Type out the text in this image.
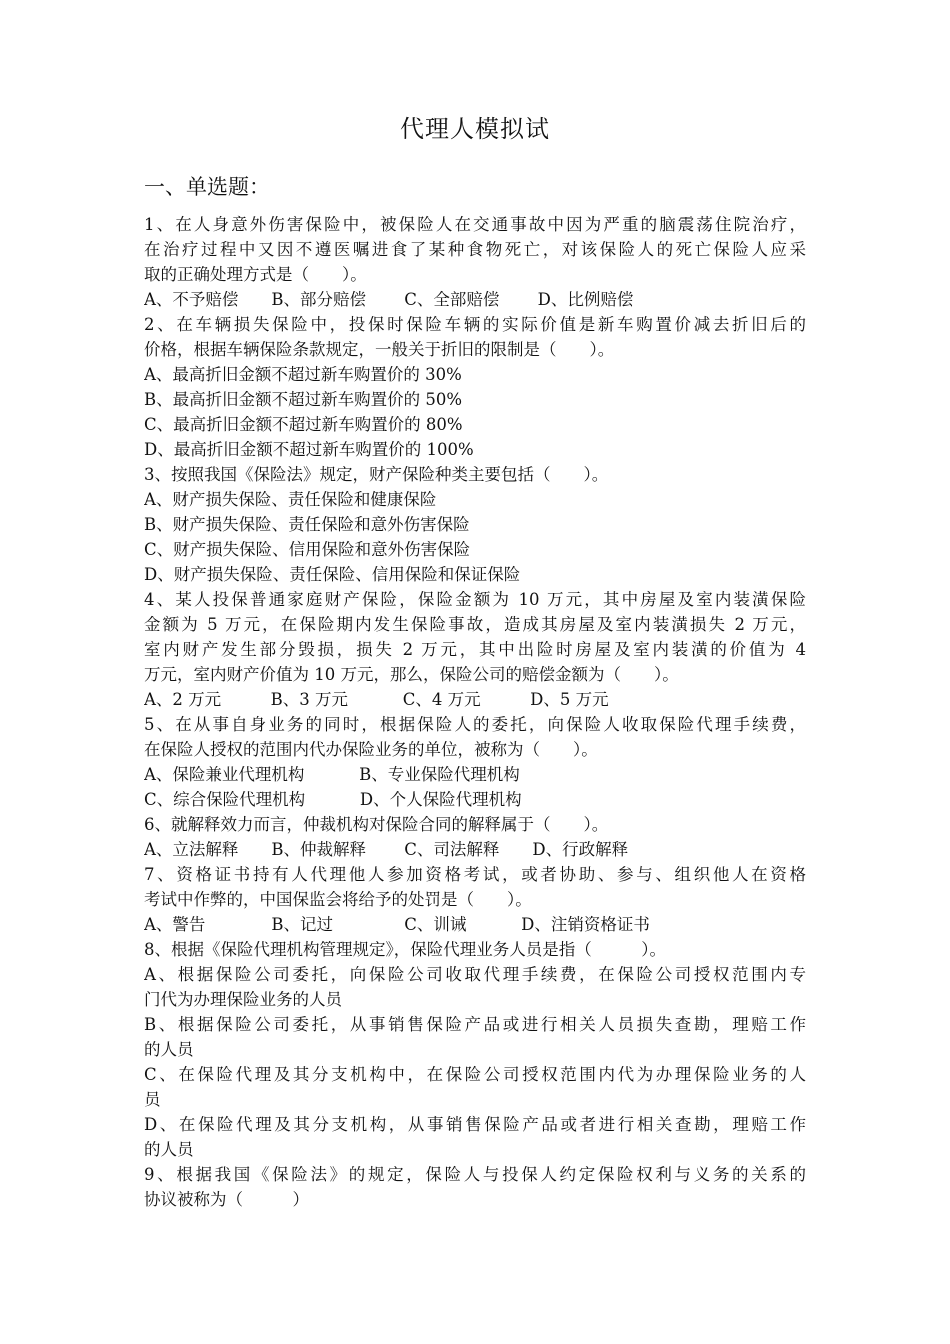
代理人模拟试
一、单选题：
1、在人身意外伤害保险中，被保险人在交通事故中因为严重的脑震荡住院治疗，
在治疗过程中又因不遵医嘱进食了某种食物死亡，对该保险人的死亡保险人应采
取的正确处理方式是（　　）。
A、不予赔偿　　B、部分赔偿　　 C、全部赔偿　　 D、比例赔偿
2、在车辆损失保险中，投保时保险车辆的实际价值是新车购置价减去折旧后的
价格，根据车辆保险条款规定，一般关于折旧的限制是（　　）。
A、最高折旧金额不超过新车购置价的 30%
B、最高折旧金额不超过新车购置价的 50%
C、最高折旧金额不超过新车购置价的 80%
D、最高折旧金额不超过新车购置价的 100%
3、按照我国《保险法》规定，财产保险种类主要包括（　　）。
A、财产损失保险、责任保险和健康保险
B、财产损失保险、责任保险和意外伤害保险
C、财产损失保险、信用保险和意外伤害保险
D、财产损失保险、责任保险、信用保险和保证保险
4、某人投保普通家庭财产保险，保险金额为 10 万元，其中房屋及室内装潢保险
金额为 5 万元，在保险期内发生保险事故，造成其房屋及室内装潢损失 2 万元，
室内财产发生部分毁损，损失 2 万元，其中出险时房屋及室内装潢的价值为 4
万元，室内财产价值为 10 万元，那么，保险公司的赔偿金额为（　　）。
A、2 万元　　　B、3 万元　　　 C、4 万元　　　D、5 万元
5、在从事自身业务的同时，根据保险人的委托，向保险人收取保险代理手续费，
在保险人授权的范围内代办保险业务的单位，被称为（　　）。
A、保险兼业代理机构　　　 B、专业保险代理机构
C、综合保险代理机构　　　 D、个人保险代理机构
6、就解释效力而言，仲裁机构对保险合同的解释属于（　　）。
A、立法解释　　B、仲裁解释　　 C、司法解释　　D、行政解释
7、资格证书持有人代理他人参加资格考试，或者协助、参与、组织他人在资格
考试中作弊的，中国保监会将给予的处罚是（　　）。
A、警告　　　　B、记过　　　　 C、训诫　　　 D、注销资格证书
8、根据《保险代理机构管理规定》，保险代理业务人员是指（　　　）。
A、根据保险公司委托，向保险公司收取代理手续费，在保险公司授权范围内专
门代为办理保险业务的人员
B、根据保险公司委托，从事销售保险产品或进行相关人员损失查勘，理赔工作
的人员
C、在保险代理及其分支机构中，在保险公司授权范围内代为办理保险业务的人
员
D、在保险代理及其分支机构，从事销售保险产品或者进行相关查勘，理赔工作
的人员
9、根据我国《保险法》的规定，保险人与投保人约定保险权利与义务的关系的
协议被称为（　　　）
